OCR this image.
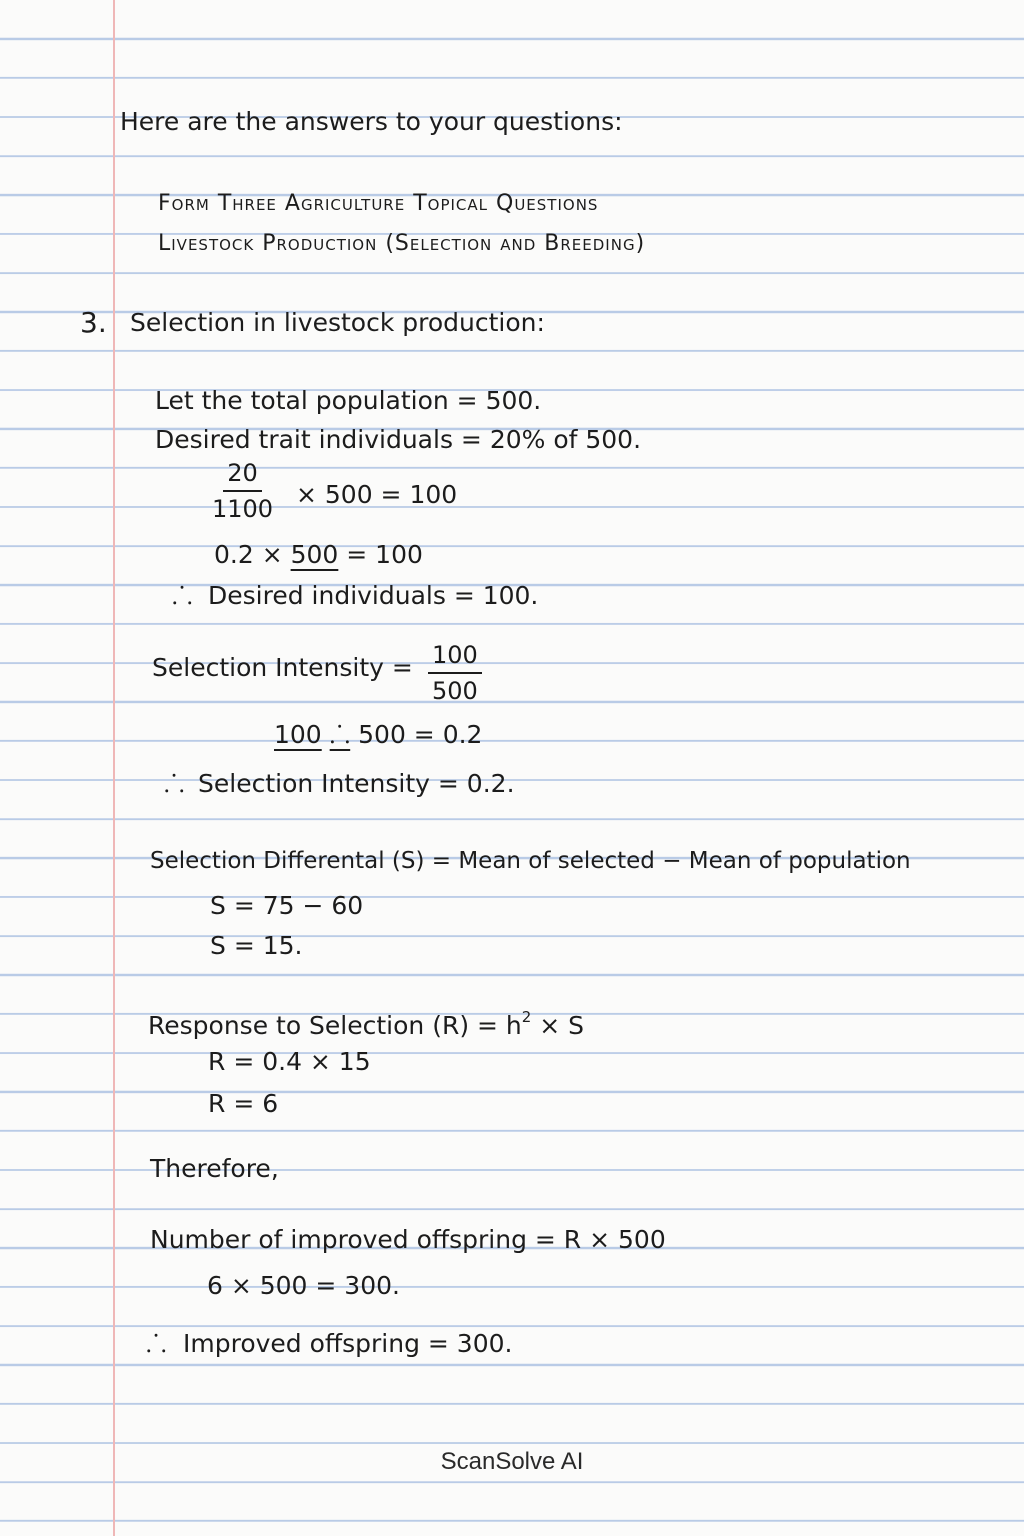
Here are the answers to your questions:
Form Three Agriculture Topical Questions
Livestock Production (Selection and Breeding)
3. Selection in livestock production:
Let the total population = 500.
Desired trait individuals = 20% of 500.
$\frac{20}{1100} \times 500 = 100$
0.2 × 500 = 100
⸫ Desired individuals = 100.
Selection Intensity = $\frac{100}{500}$
100 ⸫ 500 = 0.2
⸫ Selection Intensity = 0.2.
Selection Differental (S) = Mean of selected − Mean of population
S = 75 − 60
S = 15.
Response to Selection $(R) = h^2 \times S$
R = 0.4 × 15
R = 6
Therefore,
Number of improved offspring = R × 500
6 × 500 = 300.
⸫ Improved offspring = 300.
ScanSolve AI
